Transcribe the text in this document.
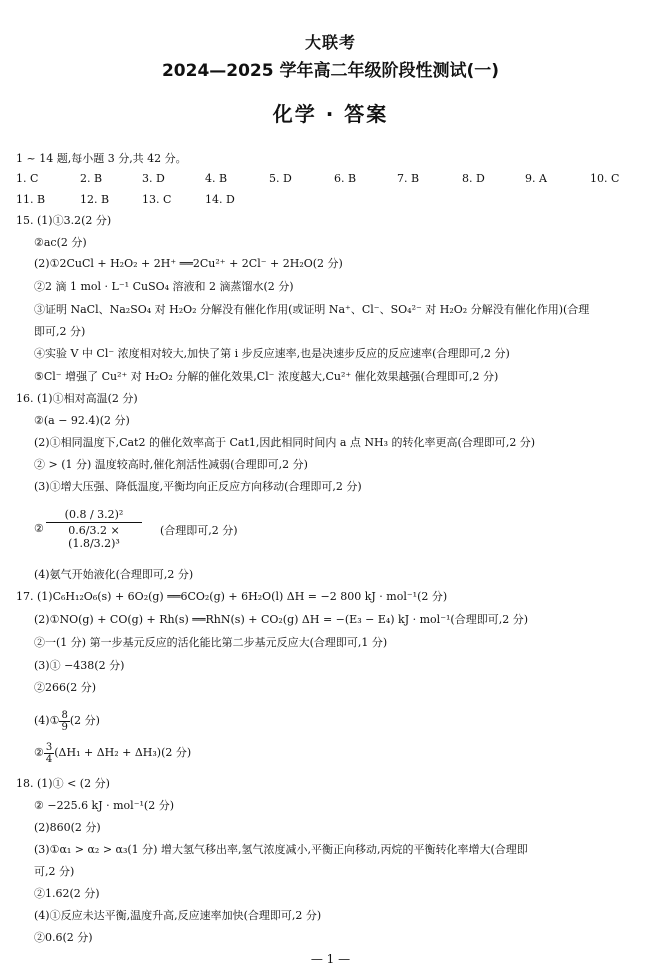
大联考
2024—2025 学年高二年级阶段性测试(一)
化学 · 答案
1 ~ 14 题,每小题 3 分,共 42 分。
1. C	2. B	3. D	4. B	5. D	6. B	7. B	8. D	9. A	10. C
11. B	12. B	13. C	14. D
15. (1)①3.2(2 分)
②ac(2 分)
(2)①2CuCl + H₂O₂ + 2H⁺ ══2Cu²⁺ + 2Cl⁻ + 2H₂O(2 分)
②2 滴 1 mol · L⁻¹ CuSO₄ 溶液和 2 滴蒸馏水(2 分)
③证明 NaCl、Na₂SO₄ 对 H₂O₂ 分解没有催化作用(或证明 Na⁺、Cl⁻、SO₄²⁻ 对 H₂O₂ 分解没有催化作用)(合理
即可,2 分)
④实验 V 中 Cl⁻ 浓度相对较大,加快了第 i 步反应速率,也是决速步反应的反应速率(合理即可,2 分)
⑤Cl⁻ 增强了 Cu²⁺ 对 H₂O₂ 分解的催化效果,Cl⁻ 浓度越大,Cu²⁺ 催化效果越强(合理即可,2 分)
16. (1)①相对高温(2 分)
②(a − 92.4)(2 分)
(2)①相同温度下,Cat2 的催化效率高于 Cat1,因此相同时间内 a 点 NH₃ 的转化率更高(合理即可,2 分)
② > (1 分) 温度较高时,催化剂活性减弱(合理即可,2 分)
(3)①增大压强、降低温度,平衡均向正反应方向移动(合理即可,2 分)
② $\frac{\text{(0.8 / 3.2)²}}{\text{0.6/3.2 × (1.8/3.2)³}}$ (合理即可,2 分)
(4)氨气开始液化(合理即可,2 分)
17. (1)C₆H₁₂O₆(s) + 6O₂(g) ══6CO₂(g) + 6H₂O(l) ΔH = −2 800 kJ · mol⁻¹(2 分)
(2)①NO(g) + CO(g) + Rh(s) ══RhN(s) + CO₂(g) ΔH = −(E₃ − E₄) kJ · mol⁻¹(合理即可,2 分)
②一(1 分) 第一步基元反应的活化能比第二步基元反应大(合理即可,1 分)
(3)① −438(2 分)
②266(2 分)
(4)① $\frac{8}{9} (2$ 分)
② $\frac{3}{4} (\Delta H_1 + \Delta H_2 + \Delta H_3)(2$ 分)
18. (1)① < (2 分)
② −225.6 kJ · mol⁻¹(2 分)
(2)860(2 分)
(3)①α₁ > α₂ > α₃(1 分) 增大氢气移出率,氢气浓度减小,平衡正向移动,丙烷的平衡转化率增大(合理即
可,2 分)
②1.62(2 分)
(4)①反应未达平衡,温度升高,反应速率加快(合理即可,2 分)
②0.6(2 分)
— 1 —
